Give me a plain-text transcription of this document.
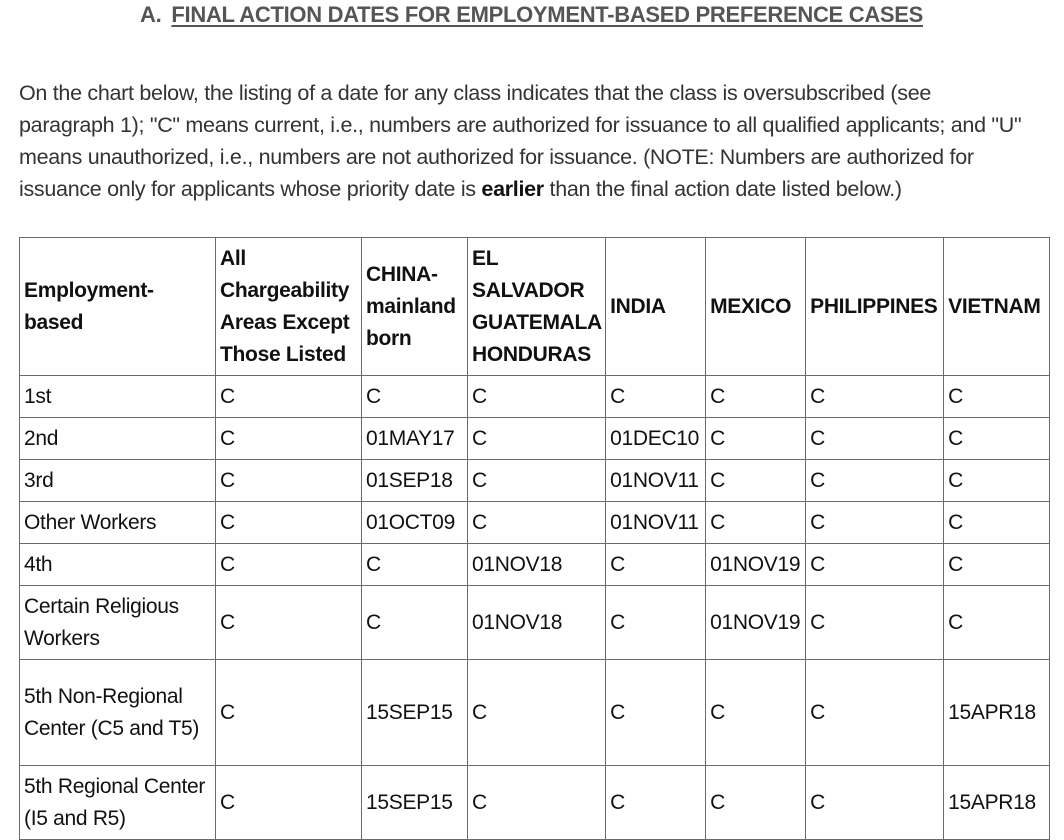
A. FINAL ACTION DATES FOR EMPLOYMENT-BASED PREFERENCE CASES

On the chart below, the listing of a date for any class indicates that the class is oversubscribed (see paragraph 1); "C" means current, i.e., numbers are authorized for issuance to all qualified applicants; and "U" means unauthorized, i.e., numbers are not authorized for issuance. (NOTE: Numbers are authorized for issuance only for applicants whose priority date is earlier than the final action date listed below.)

Employment-based	All Chargeability Areas Except Those Listed	CHINA-mainland born	EL SALVADOR GUATEMALA HONDURAS	INDIA	MEXICO	PHILIPPINES	VIETNAM
1st	C	C	C	C	C	C	C
2nd	C	01MAY17	C	01DEC10	C	C	C
3rd	C	01SEP18	C	01NOV11	C	C	C
Other Workers	C	01OCT09	C	01NOV11	C	C	C
4th	C	C	01NOV18	C	01NOV19	C	C
Certain Religious Workers	C	C	01NOV18	C	01NOV19	C	C
5th Non-Regional Center (C5 and T5)	C	15SEP15	C	C	C	C	15APR18
5th Regional Center (I5 and R5)	C	15SEP15	C	C	C	C	15APR18
